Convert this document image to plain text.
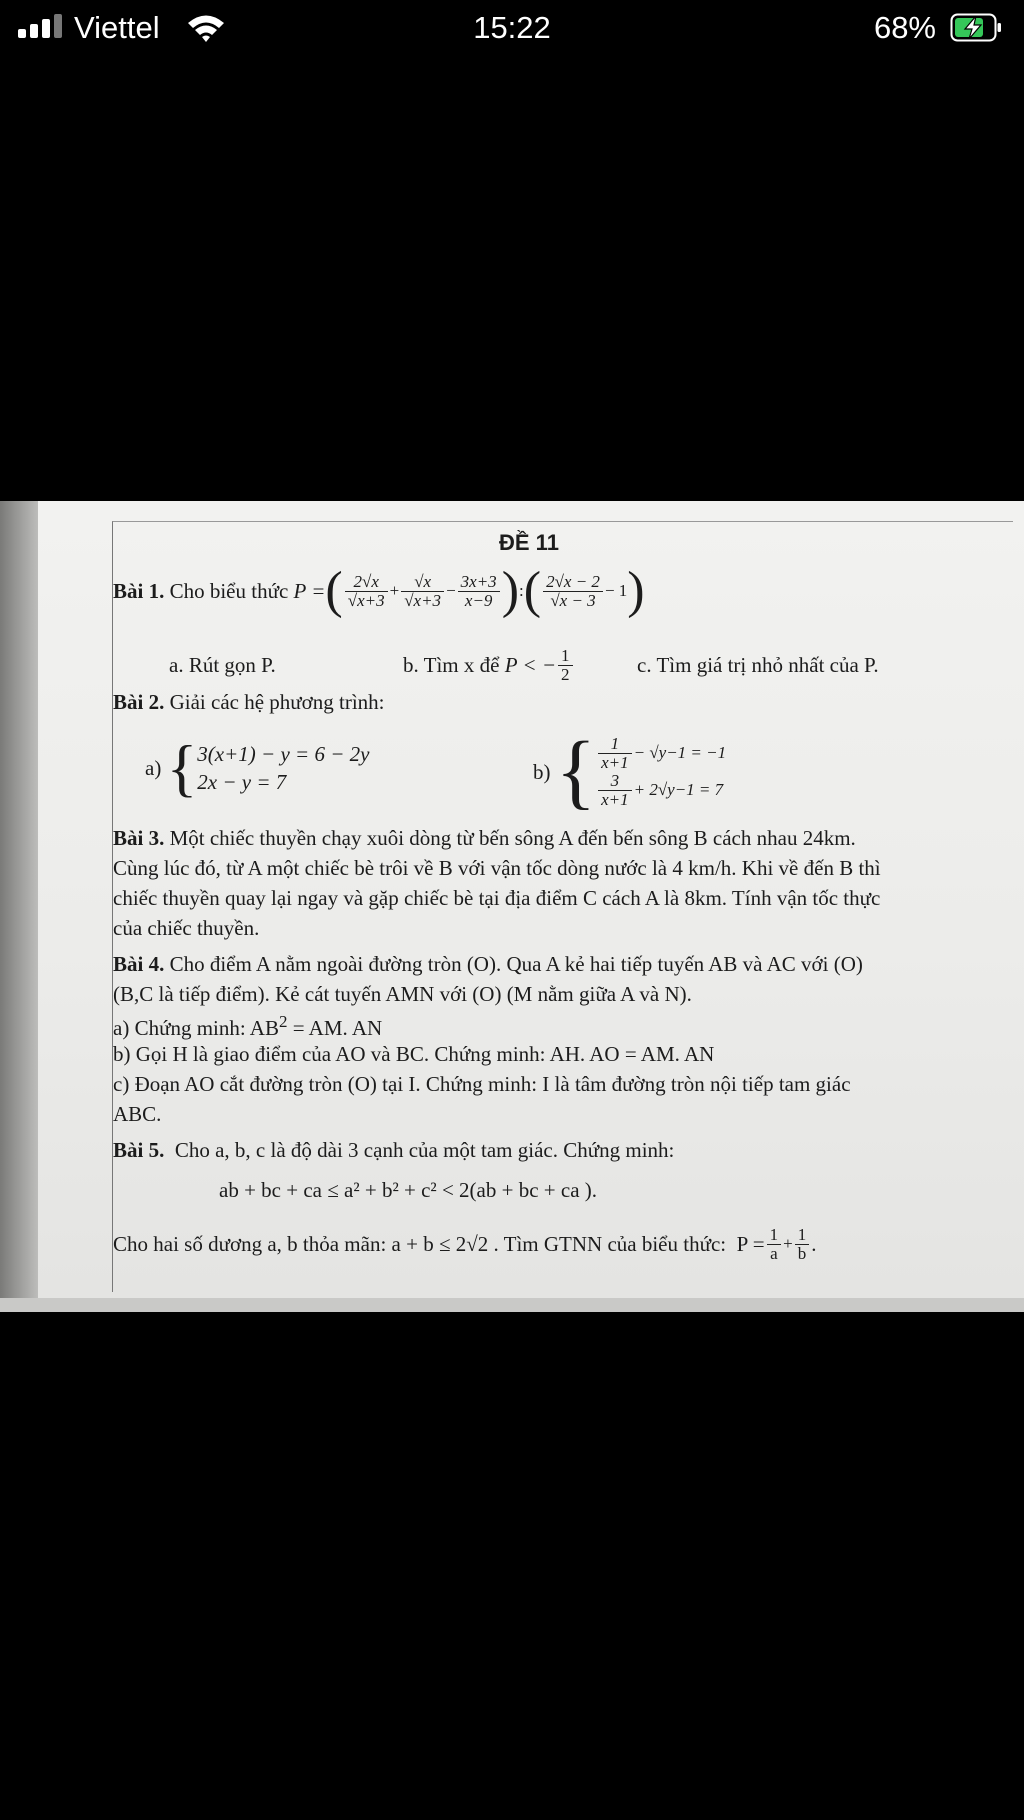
Viettel	15:22	68%
ĐỀ 11
Bài 1.
Cho biểu thức
P = ( $\frac{2√x}{√x+3} + \frac{√x}{√x+3} - \frac{3x+3}{x-9}$ ) : ( $\frac{2√x - 2}{√x - 3} - 1$ )
a. Rút gọn P.	b. Tìm x để
P < − $\frac{1}{2}$	c. Tìm giá trị nhỏ nhất của P.
Bài 2. Giải các hệ phương trình:
a)
{ 3(x+1) − y = 6 − 2y
2x − y = 7	b)
{ $\frac{1}{x+1} - √y-1 = -1$
$\frac{3}{x+1} + 2√y-1 = 7$
Bài 3. Một chiếc thuyền chạy xuôi dòng từ bến sông A đến bến sông B cách nhau 24km.
Cùng lúc đó, từ A một chiếc bè trôi về B với vận tốc dòng nước là 4 km/h. Khi về đến B thì
chiếc thuyền quay lại ngay và gặp chiếc bè tại địa điểm C cách A là 8km. Tính vận tốc thực
của chiếc thuyền.
Bài 4. Cho điểm A nằm ngoài đường tròn (O). Qua A kẻ hai tiếp tuyến AB và AC với (O)
(B,C là tiếp điểm). Kẻ cát tuyến AMN với (O) (M nằm giữa A và N).
a) Chứng minh: $AB^2$ = AM. AN
b) Gọi H là giao điểm của AO và BC. Chứng minh: AH. AO = AM. AN
c) Đoạn AO cắt đường tròn (O) tại I. Chứng minh: I là tâm đường tròn nội tiếp tam giác
ABC.
Bài 5. Cho a, b, c là độ dài 3 cạnh của một tam giác. Chứng minh:
ab + bc + ca ≤ a² + b² + c² < 2(ab + bc + ca ).
Cho hai số dương a, b thỏa mãn: a + b ≤ 2√2 . Tìm GTNN của biểu thức:
$P = \frac{1}{a} + \frac{1}{b}$ .
